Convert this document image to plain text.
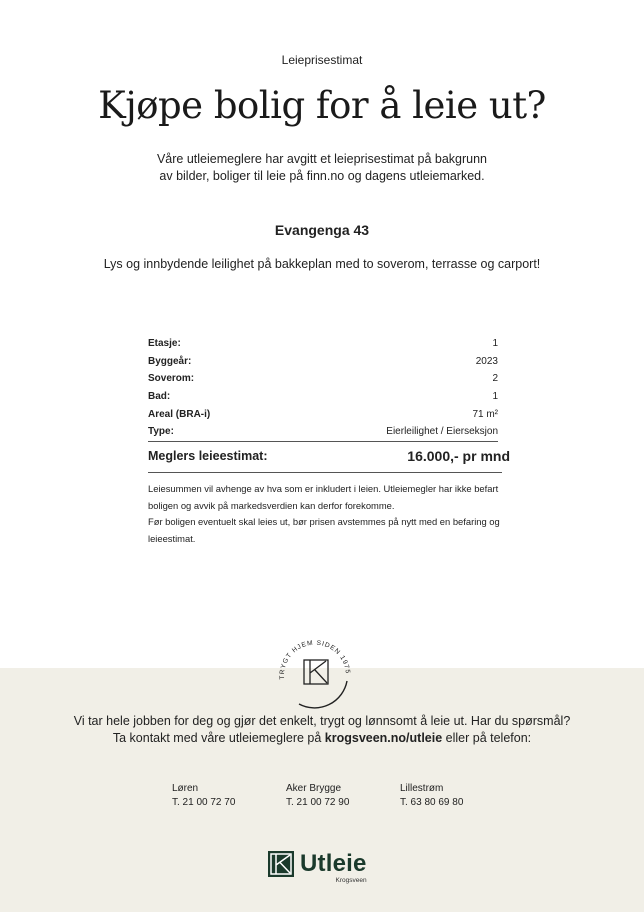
Leieprisestimat
Kjøpe bolig for å leie ut?
Våre utleiemeglere har avgitt et leieprisestimat på bakgrunn
av bilder, boliger til leie på finn.no og dagens utleiemarked.
Evangenga 43
Lys og innbydende leilighet på bakkeplan med to soverom, terrasse og carport!
Etasje:	1
Byggeår:	2023
Soverom:	2
Bad:	1
Areal (BRA-i)	71 m²
Type:	Eierleilighet / Eierseksjon
Meglers leieestimat:	16.000,- pr mnd

Leiesummen vil avhenge av hva som er inkludert i leien. Utleiemegler har ikke befart boligen og avvik på markedsverdien kan derfor forekomme.

Før boligen eventuelt skal leies ut, bør prisen avstemmes på nytt med en befaring og leieestimat.

TRYGT HJEM SIDEN 1975
Vi tar hele jobben for deg og gjør det enkelt, trygt og lønnsomt å leie ut. Har du spørsmål?
Ta kontakt med våre utleiemeglere på krogsveen.no/utleie eller på telefon:
Løren
T. 21 00 72 70
Aker Brygge
T. 21 00 72 90
Lillestrøm
T. 63 80 69 80
Utleie
Krogsveen
